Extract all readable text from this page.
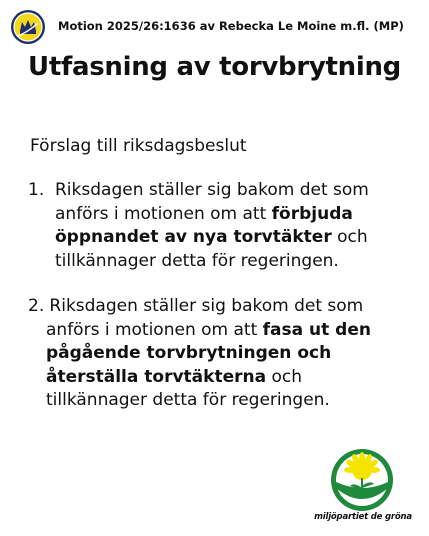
Motion 2025/26:1636 av Rebecka Le Moine m.fl. (MP)
Utfasning av torvbrytning
Förslag till riksdagsbeslut
1. Riksdagen ställer sig bakom det som
anförs i motionen om att förbjuda
öppnandet av nya torvtäkter och
tillkännager detta för regeringen.
2. Riksdagen ställer sig bakom det som
anförs i motionen om att fasa ut den
pågående torvbrytningen och
återställa torvtäkterna och
tillkännager detta för regeringen.
miljöpartiet de gröna
